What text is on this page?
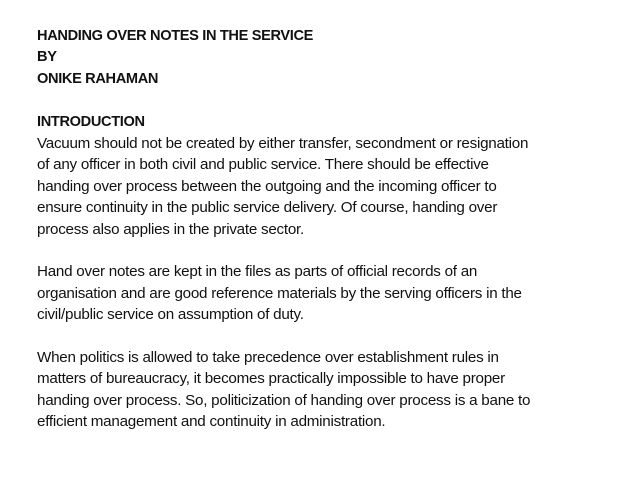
HANDING OVER NOTES IN THE SERVICE
BY
ONIKE RAHAMAN
INTRODUCTION
Vacuum should not be created by either transfer, secondment or resignation
of any officer in both civil and public service. There should be effective
handing over process between the outgoing and the incoming officer to
ensure continuity in the public service delivery. Of course, handing over
process also applies in the private sector.
Hand over notes are kept in the files as parts of official records of an
organisation and are good reference materials by the serving officers in the
civil/public service on assumption of duty.
When politics is allowed to take precedence over establishment rules in
matters of bureaucracy, it becomes practically impossible to have proper
handing over process. So, politicization of handing over process is a bane to
efficient management and continuity in administration.
